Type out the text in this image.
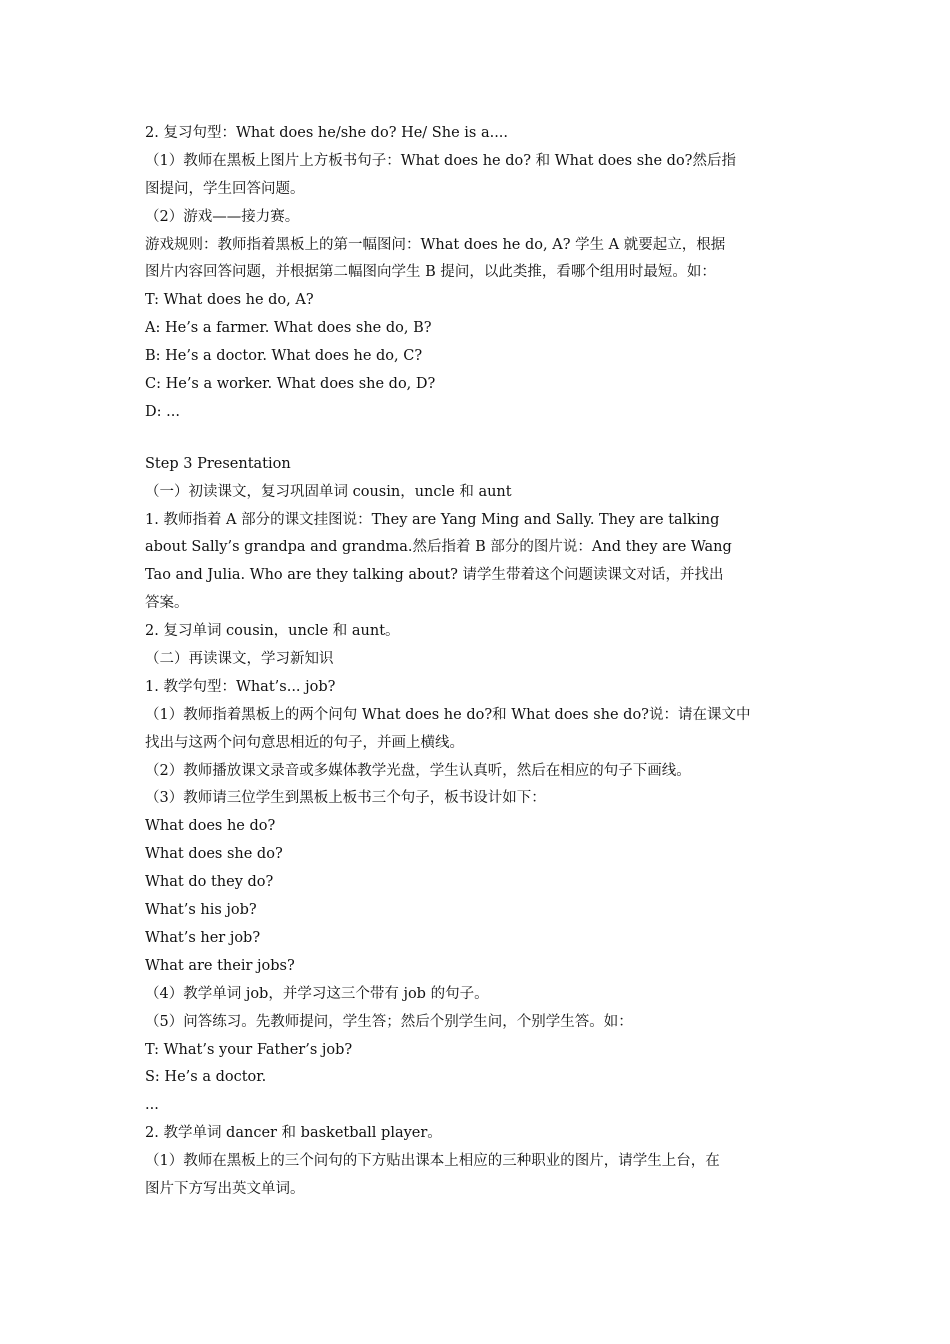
2. 复习句型：What does he/she do? He/ She is a....
（1）教师在黑板上图片上方板书句子：What does he do? 和 What does she do?然后指
图提问，学生回答问题。
（2）游戏——接力赛。
游戏规则：教师指着黑板上的第一幅图问：What does he do, A? 学生 A 就要起立，根据
图片内容回答问题，并根据第二幅图向学生 B 提问，以此类推，看哪个组用时最短。如：
T: What does he do, A?
A: He’s a farmer. What does she do, B?
B: He’s a doctor. What does he do, C?
C: He’s a worker. What does she do, D?
D: ...
Step 3 Presentation
（一）初读课文，复习巩固单词 cousin，uncle 和 aunt
1. 教师指着 A 部分的课文挂图说：They are Yang Ming and Sally. They are talking
about Sally’s grandpa and grandma.然后指着 B 部分的图片说：And they are Wang
Tao and Julia. Who are they talking about? 请学生带着这个问题读课文对话，并找出
答案。
2. 复习单词 cousin，uncle 和 aunt。
（二）再读课文，学习新知识
1. 教学句型：What’s... job?
（1）教师指着黑板上的两个问句 What does he do?和 What does she do?说：请在课文中
找出与这两个问句意思相近的句子，并画上横线。
（2）教师播放课文录音或多媒体教学光盘，学生认真听，然后在相应的句子下画线。
（3）教师请三位学生到黑板上板书三个句子，板书设计如下：
What does he do?
What does she do?
What do they do?
What’s his job?
What’s her job?
What are their jobs?
（4）教学单词 job，并学习这三个带有 job 的句子。
（5）问答练习。先教师提问，学生答；然后个别学生问，个别学生答。如：
T: What’s your Father’s job?
S: He’s a doctor.
...
2. 教学单词 dancer 和 basketball player。
（1）教师在黑板上的三个问句的下方贴出课本上相应的三种职业的图片，请学生上台，在
图片下方写出英文单词。
